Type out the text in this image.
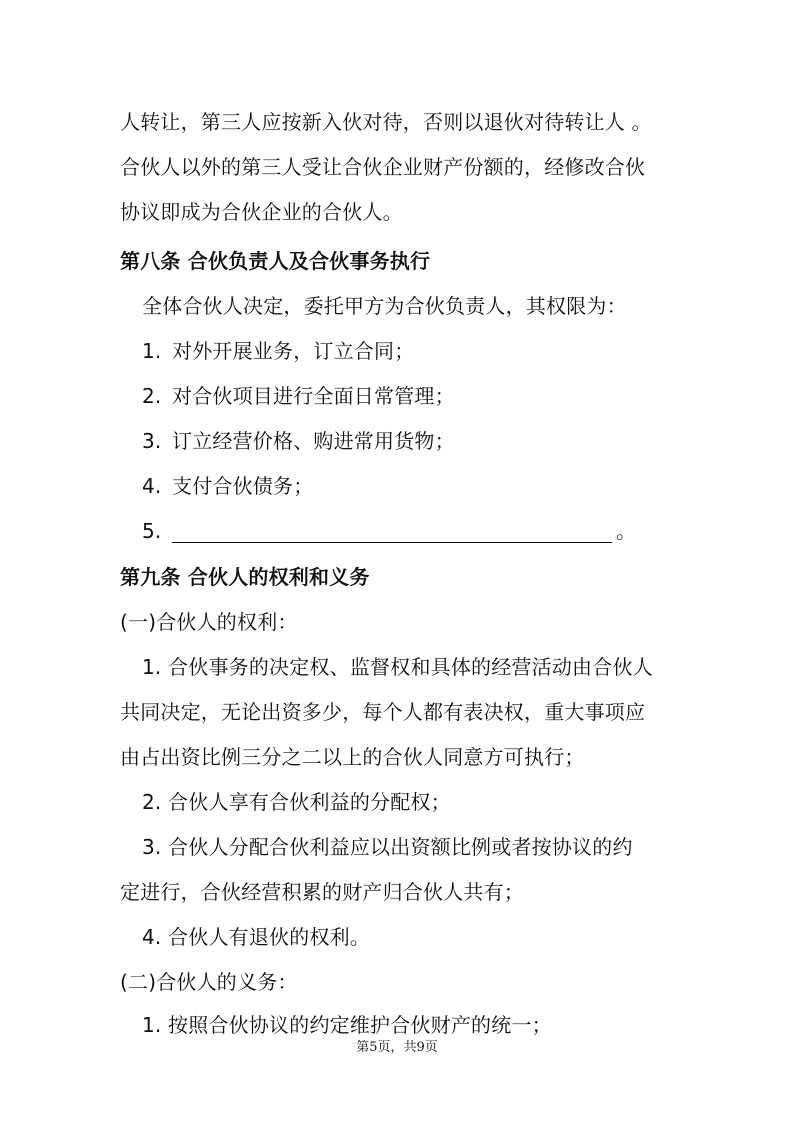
人转让，第三人应按新入伙对待，否则以退伙对待转让人 。
合伙人以外的第三人受让合伙企业财产份额的，经修改合伙
协议即成为合伙企业的合伙人。
第八条 合伙负责人及合伙事务执行
全体合伙人决定，委托甲方为合伙负责人，其权限为：
1. 对外开展业务，订立合同；
2. 对合伙项目进行全面日常管理；
3. 订立经营价格、购进常用货物；
4. 支付合伙债务；
5.	。
第九条 合伙人的权利和义务
(一)合伙人的权利：
1. 合伙事务的决定权、监督权和具体的经营活动由合伙人
共同决定，无论出资多少，每个人都有表决权，重大事项应
由占出资比例三分之二以上的合伙人同意方可执行；
2. 合伙人享有合伙利益的分配权；
3. 合伙人分配合伙利益应以出资额比例或者按协议的约
定进行，合伙经营积累的财产归合伙人共有；
4. 合伙人有退伙的权利。
(二)合伙人的义务：
1. 按照合伙协议的约定维护合伙财产的统一；
第5页，共9页
